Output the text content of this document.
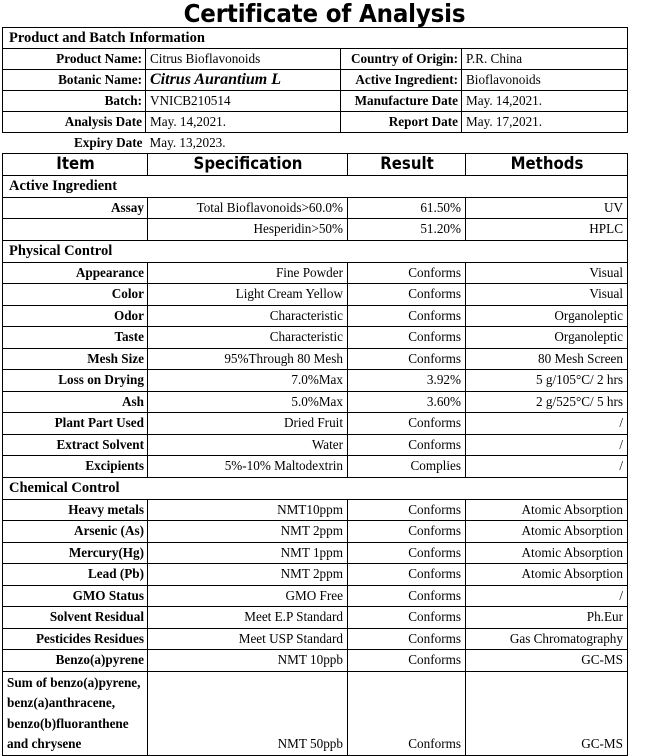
Certificate of Analysis
Product and Batch Information			
Product Name:	Citrus Bioflavonoids	Country of Origin:	P.R. China
Botanic Name:	Citrus Aurantium L	Active Ingredient:	Bioflavonoids
Batch:	VNICB210514	Manufacture Date	May. 14,2021.
Analysis Date	May. 14,2021.	Report Date	May. 17,2021.
Expiry Date	May. 13,2023.		
Item	Specification	Result	Methods
Active Ingredient			
Assay	Total Bioflavonoids>60.0%	61.50%	UV
	Hesperidin>50%	51.20%	HPLC
Physical Control			
Appearance	Fine Powder	Conforms	Visual
Color	Light Cream Yellow	Conforms	Visual
Odor	Characteristic	Conforms	Organoleptic
Taste	Characteristic	Conforms	Organoleptic
Mesh Size	95%Through 80 Mesh	Conforms	80 Mesh Screen
Loss on Drying	7.0%Max	3.92%	5 g/105°C/ 2 hrs
Ash	5.0%Max	3.60%	2 g/525°C/ 5 hrs
Plant Part Used	Dried Fruit	Conforms	/
Extract Solvent	Water	Conforms	/
Excipients	5%-10% Maltodextrin	Complies	/
Chemical Control			
Heavy metals	NMT10ppm	Conforms	Atomic Absorption
Arsenic (As)	NMT 2ppm	Conforms	Atomic Absorption
Mercury(Hg)	NMT 1ppm	Conforms	Atomic Absorption
Lead (Pb)	NMT 2ppm	Conforms	Atomic Absorption
GMO Status	GMO Free	Conforms	/
Solvent Residual	Meet E.P Standard	Conforms	Ph.Eur
Pesticides Residues	Meet USP Standard	Conforms	Gas Chromatography
Benzo(a)pyrene	NMT 10ppb	Conforms	GC-MS
Sum of benzo(a)pyrene, benz(a)anthracene, benzo(b)fluoranthene and chrysene	NMT 50ppb	Conforms	GC-MS
